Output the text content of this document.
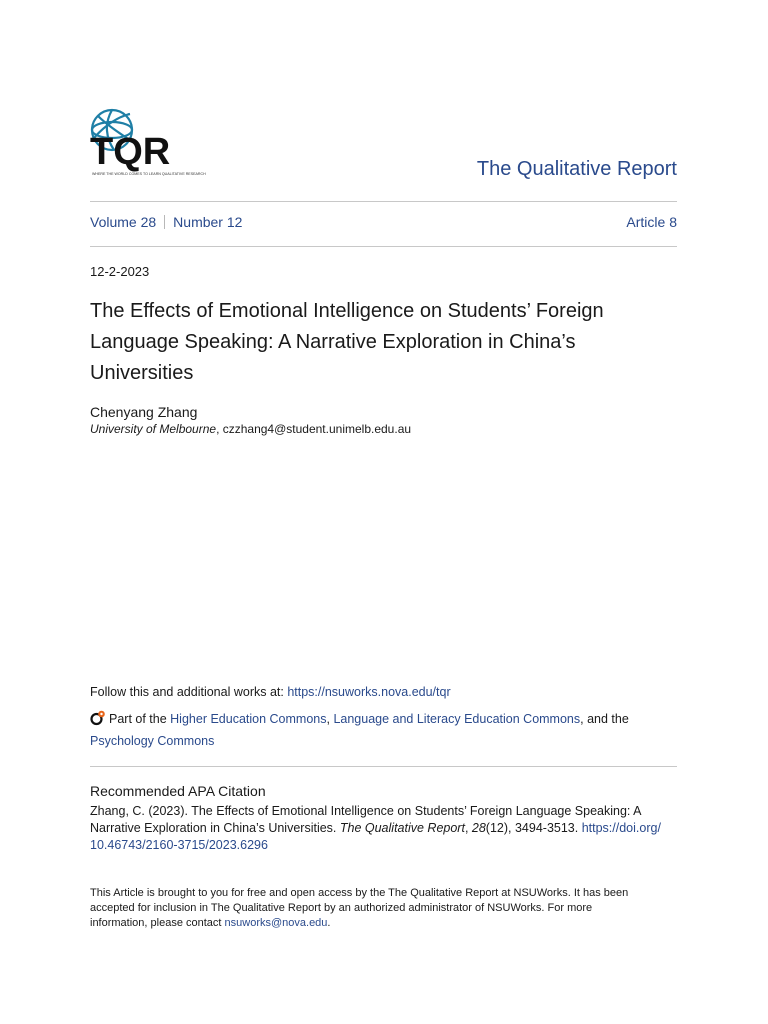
TQR
WHERE THE WORLD COMES TO LEARN QUALITATIVE RESEARCH	The Qualitative Report
Volume 28 Number 12	Article 8
12-2-2023
The Effects of Emotional Intelligence on Students’ Foreign Language Speaking: A Narrative Exploration in China’s Universities
Chenyang Zhang
University of Melbourne, czzhang4@student.unimelb.edu.au
Follow this and additional works at: https://nsuworks.nova.edu/tqr
Part of the Higher Education Commons, Language and Literacy Education Commons, and the
Psychology Commons
Recommended APA Citation
Zhang, C. (2023). The Effects of Emotional Intelligence on Students’ Foreign Language Speaking: A Narrative Exploration in China’s Universities. The Qualitative Report, 28(12), 3494-3513. https://doi.org/
10.46743/2160-3715/2023.6296
This Article is brought to you for free and open access by the The Qualitative Report at NSUWorks. It has been accepted for inclusion in The Qualitative Report by an authorized administrator of NSUWorks. For more information, please contact nsuworks@nova.edu.
